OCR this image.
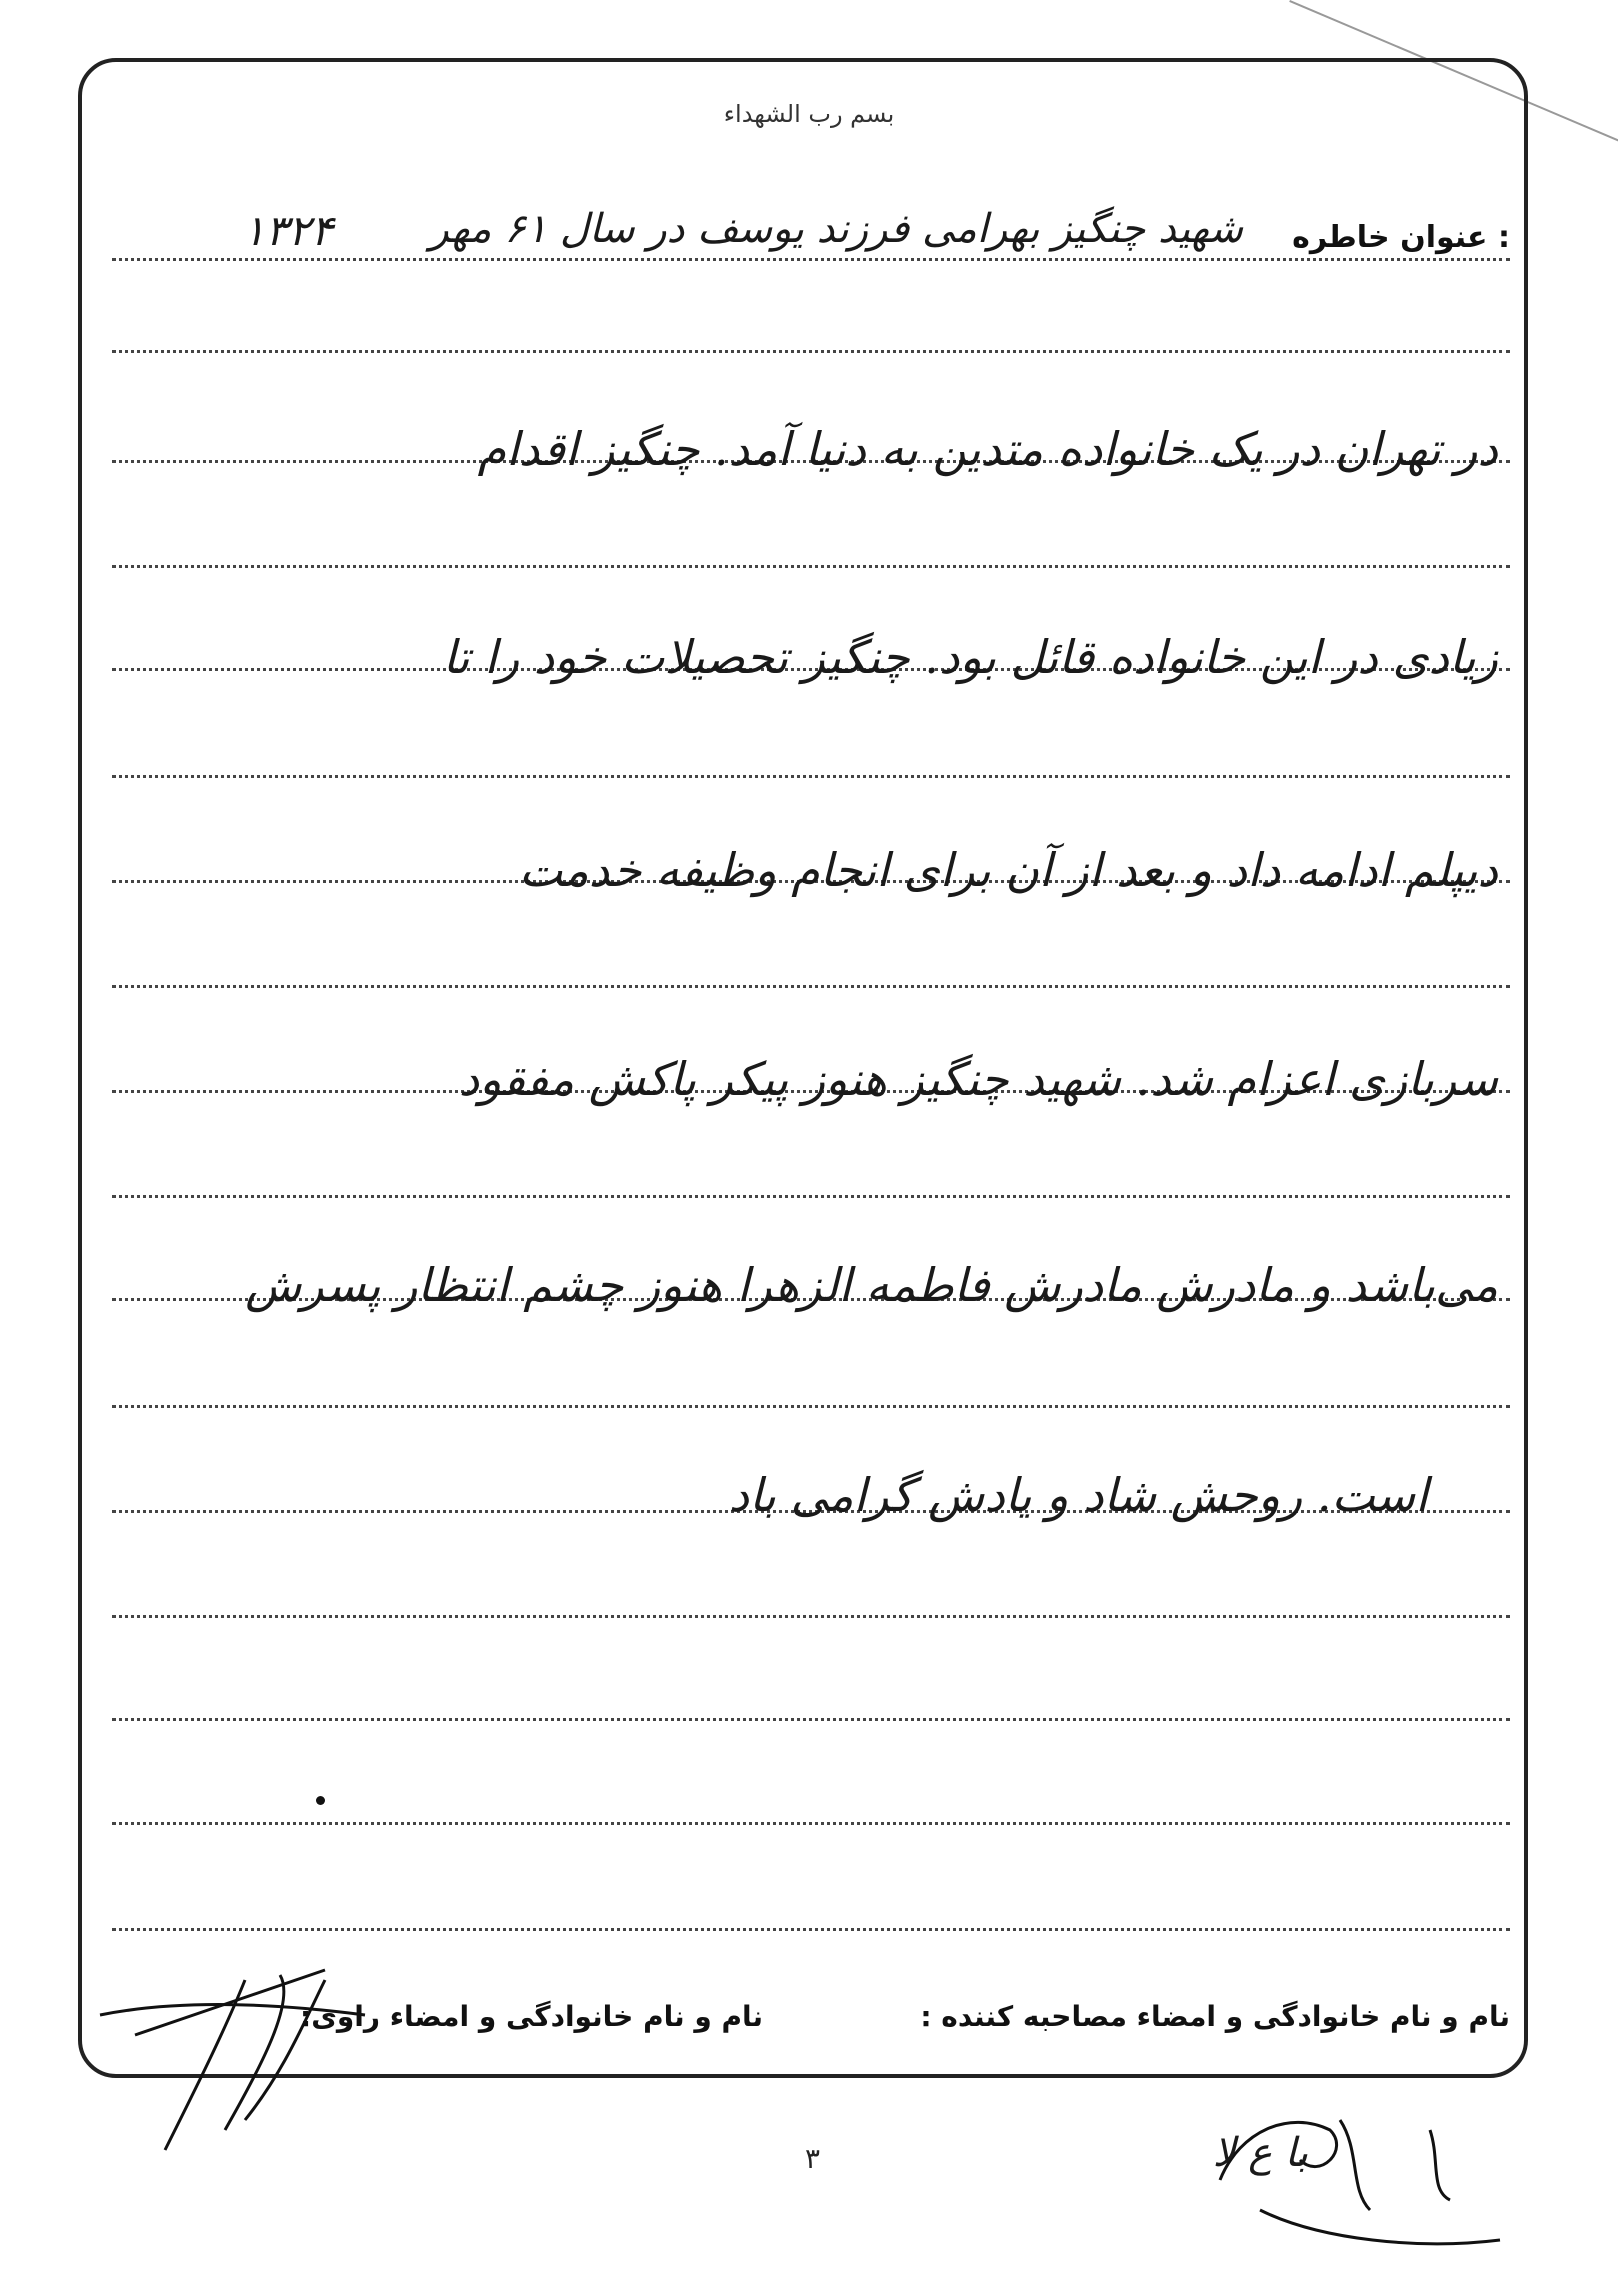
بسم رب الشهداء
عنوان خاطره :
شهید چنگیز بهرامی فرزند یوسف در سال ۶۱ مهر
۱۳۲۴
در تهران در یک خانواده متدین به دنیا آمد. چنگیز اقدام
زیادی در این خانواده قائل بود. چنگیز تحصیلات خود را تا
دیپلم ادامه داد و بعد از آن برای انجام وظیفه خدمت
سربازی اعزام شد. شهید چنگیز هنوز پیکر پاکش مفقود
می‌باشد و مادرش مادرش فاطمه الزهرا هنوز چشم انتظار پسرش
است. روحش شاد و یادش گرامی باد
نام و نام خانوادگی و امضاء راوی:	نام و نام خانوادگی و امضاء مصاحبه کننده :
با ع لا
۳
